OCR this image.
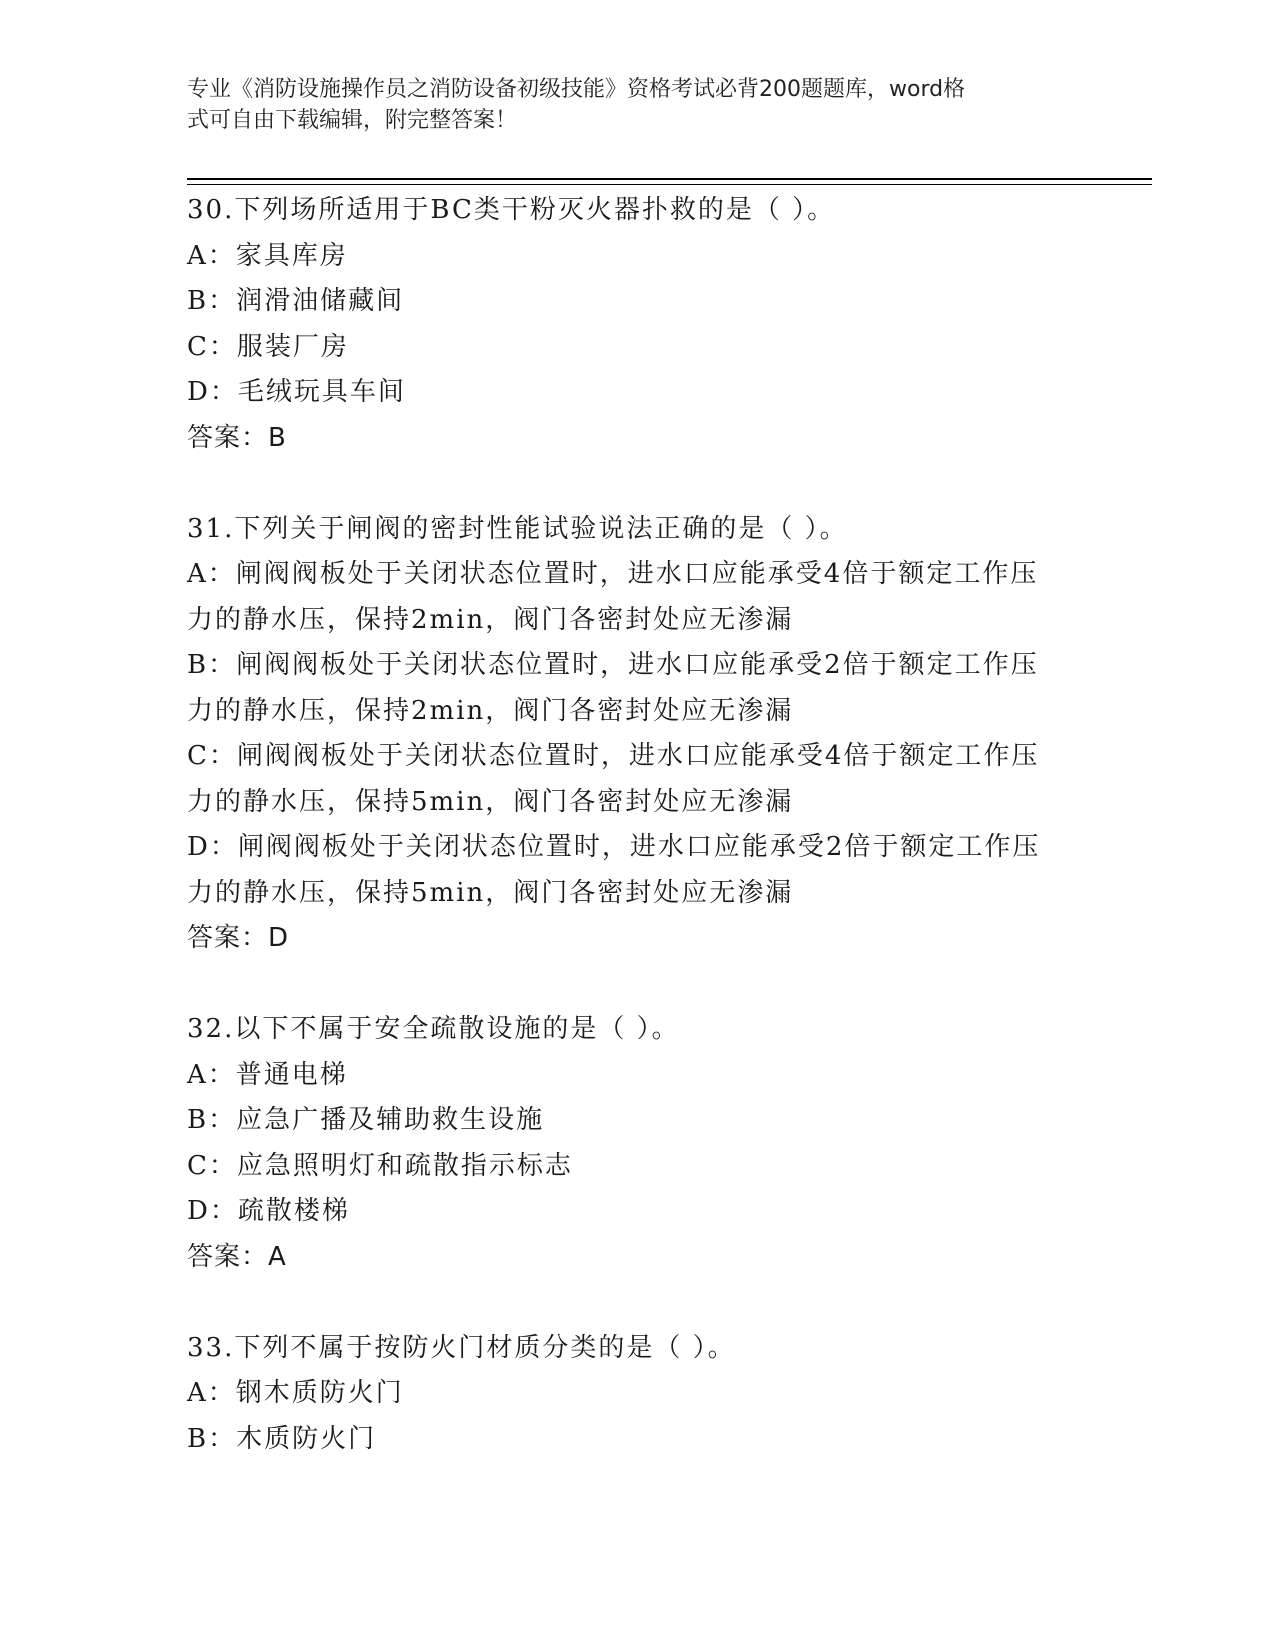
专业《消防设施操作员之消防设备初级技能》资格考试必背200题题库，word格
式可自由下载编辑，附完整答案！
30.下列场所适用于BC类干粉灭火器扑救的是（ ）。
A：家具库房
B：润滑油储藏间
C：服装厂房
D：毛绒玩具车间
答案：B
31.下列关于闸阀的密封性能试验说法正确的是（ ）。
A：闸阀阀板处于关闭状态位置时，进水口应能承受4倍于额定工作压
力的静水压，保持2min，阀门各密封处应无渗漏
B：闸阀阀板处于关闭状态位置时，进水口应能承受2倍于额定工作压
力的静水压，保持2min，阀门各密封处应无渗漏
C：闸阀阀板处于关闭状态位置时，进水口应能承受4倍于额定工作压
力的静水压，保持5min，阀门各密封处应无渗漏
D：闸阀阀板处于关闭状态位置时，进水口应能承受2倍于额定工作压
力的静水压，保持5min，阀门各密封处应无渗漏
答案：D
32.以下不属于安全疏散设施的是（ ）。
A：普通电梯
B：应急广播及辅助救生设施
C：应急照明灯和疏散指示标志
D：疏散楼梯
答案：A
33.下列不属于按防火门材质分类的是（ ）。
A：钢木质防火门
B：木质防火门
